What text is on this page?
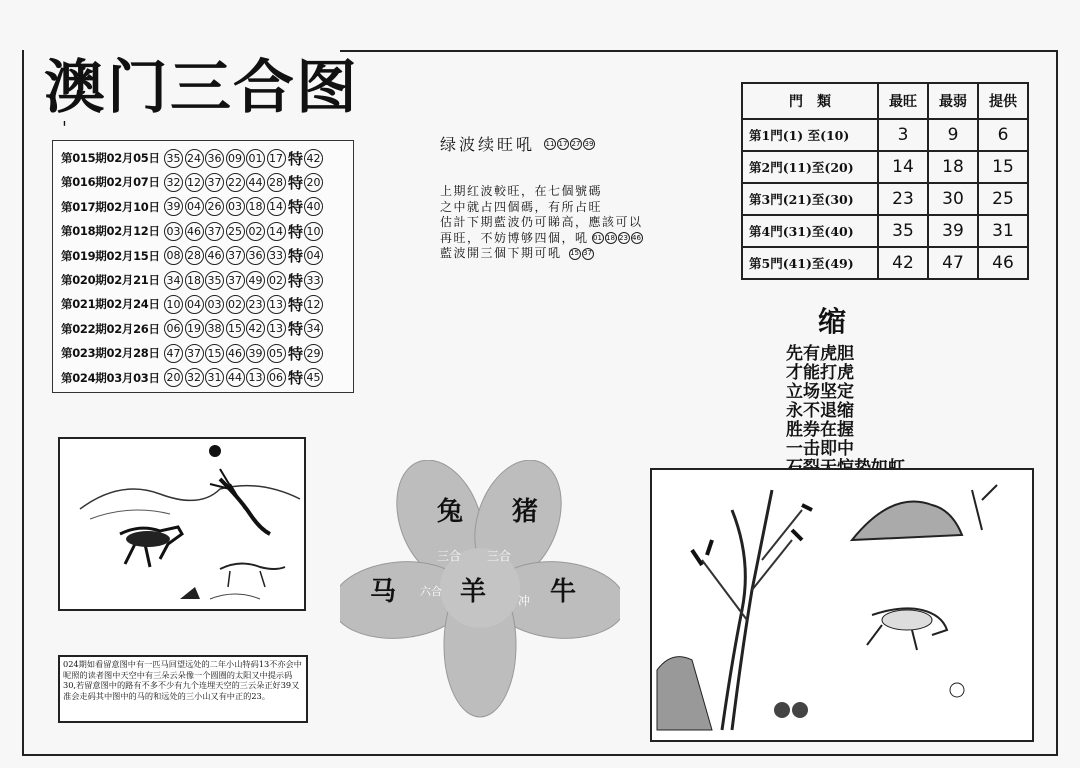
澳门三合图
'
第015期02月05日 35 24 36 09 01 17 特 42
第016期02月07日 32 12 37 22 44 28 特 20
第017期02月10日 39 04 26 03 18 14 特 40
第018期02月12日 03 46 37 25 02 14 特 10
第019期02月15日 08 28 46 37 36 33 特 04
第020期02月21日 34 18 35 37 49 02 特 33
第021期02月24日 10 04 03 02 23 13 特 12
第022期02月26日 06 19 38 15 42 13 特 34
第023期02月28日 47 37 15 46 39 05 特 29
第024期03月03日 20 32 31 44 13 06 特 45
绿波续旺吼 11 17 27 39
上期红波較旺，在七個號碼
之中就占四個碼，有所占旺
估計下期藍波仍可睇高，應該可以
再旺，不妨博够四個，吼 01 18 23 46
藍波開三個下期可吼 15 37
門　類	最旺	最弱	提供
第1門(1) 至(10)	3	9	6
第2門(11)至(20)	14	18	15
第3門(21)至(30)	23	30	25
第4門(31)至(40)	35	39	31
第5門(41)至(49)	42	47	46
缩
先有虎胆
才能打虎
立场坚定
永不退缩
胜券在握
一击即中
兔 猪
马 羊 牛
三合 三合
六合
冲
024期如看留意图中有一匹马回望远处的二年小山特码13不亦会中呢照的读者图中天空中有三朵云朵像一个圆圈的太阳又中提示码30,若留意图中的路有不多不少有九个连埋天空的三云朵正好39又准会走码其中图中的马的和远处的三小山又有中正的23。
